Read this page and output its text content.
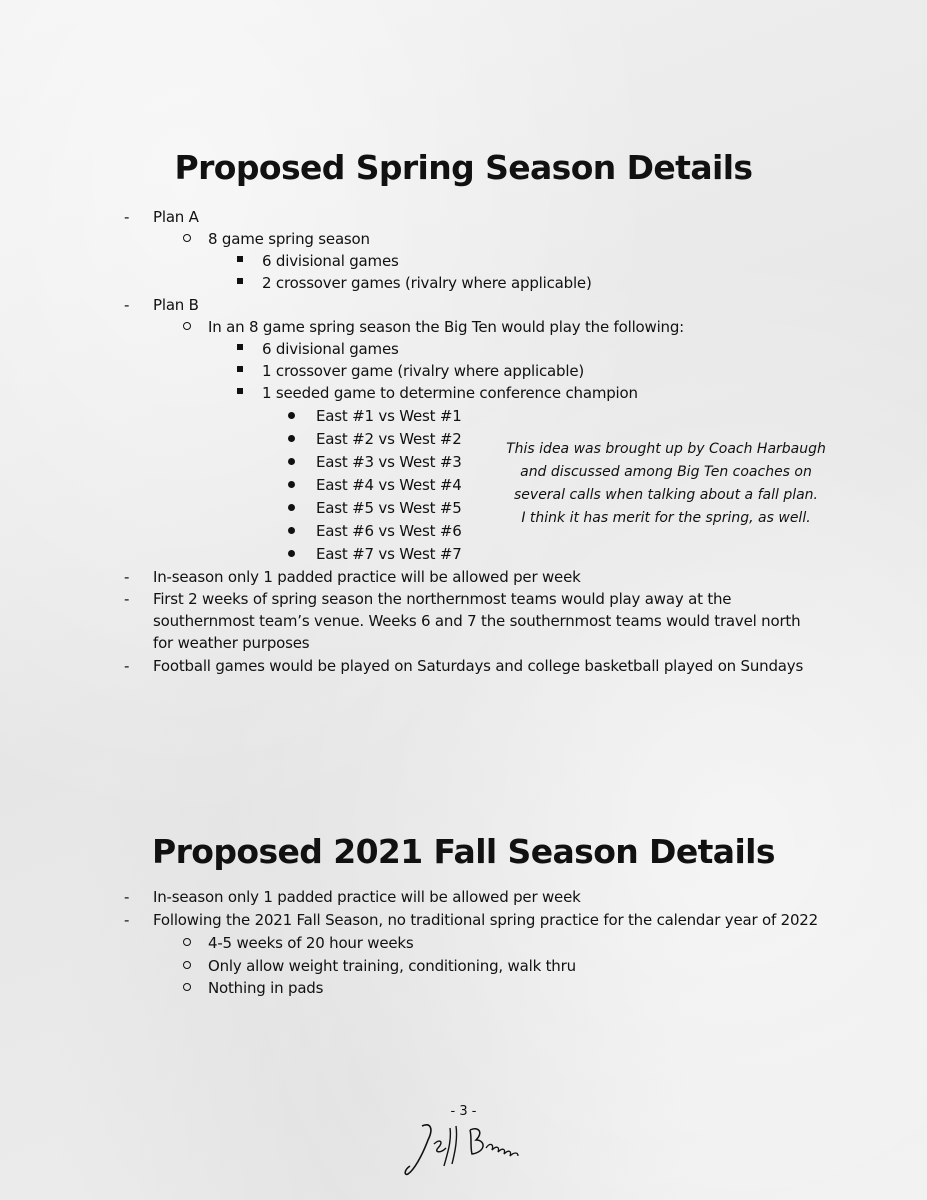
Proposed Spring Season Details
- Plan A
8 game spring season
6 divisional games
2 crossover games (rivalry where applicable)
- Plan B
In an 8 game spring season the Big Ten would play the following:
6 divisional games
1 crossover game (rivalry where applicable)
1 seeded game to determine conference champion
East #1 vs West #1
East #2 vs West #2
East #3 vs West #3
East #4 vs West #4
East #5 vs West #5
East #6 vs West #6
East #7 vs West #7
This idea was brought up by Coach Harbaugh
and discussed among Big Ten coaches on
several calls when talking about a fall plan.
I think it has merit for the spring, as well.
- In-season only 1 padded practice will be allowed per week
- First 2 weeks of spring season the northernmost teams would play away at the
southernmost team’s venue. Weeks 6 and 7 the southernmost teams would travel north
for weather purposes
- Football games would be played on Saturdays and college basketball played on Sundays
Proposed 2021 Fall Season Details
- In-season only 1 padded practice will be allowed per week
- Following the 2021 Fall Season, no traditional spring practice for the calendar year of 2022
4-5 weeks of 20 hour weeks
Only allow weight training, conditioning, walk thru
Nothing in pads
- 3 -
